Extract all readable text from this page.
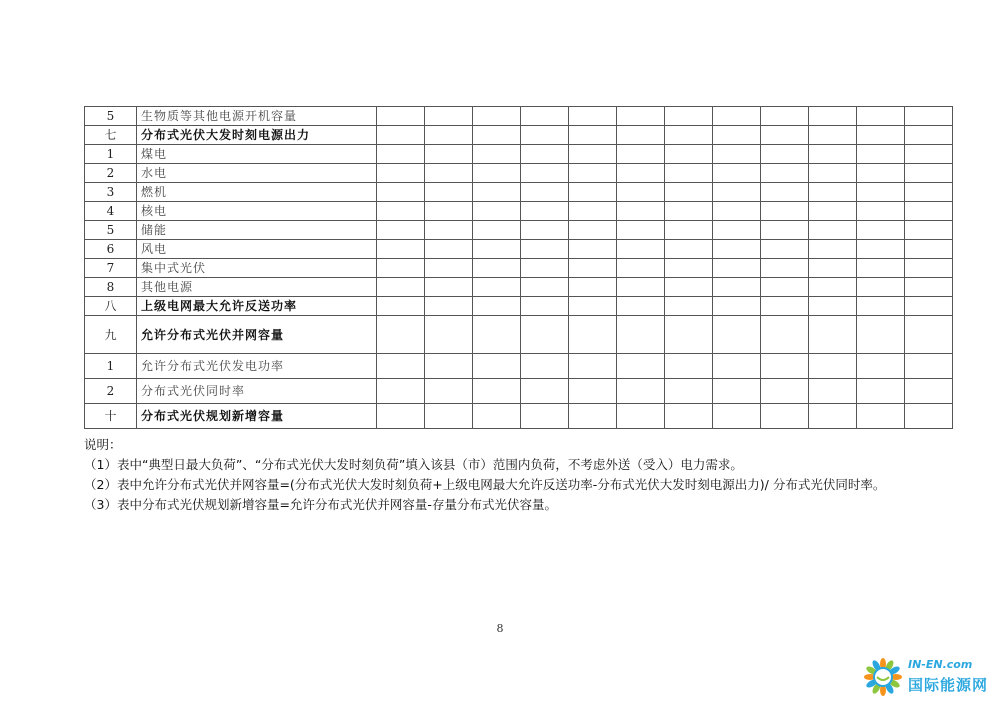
5	生物质等其他电源开机容量												
七	分布式光伏大发时刻电源出力												
1	煤电												
2	水电												
3	燃机												
4	核电												
5	储能												
6	风电												
7	集中式光伏												
8	其他电源												
八	上级电网最大允许反送功率												
九	允许分布式光伏并网容量												
1	允许分布式光伏发电功率												
2	分布式光伏同时率												
十	分布式光伏规划新增容量												

说明：

（1）表中“典型日最大负荷”、“分布式光伏大发时刻负荷”填入该县（市）范围内负荷，不考虑外送（受入）电力需求。

（2）表中允许分布式光伏并网容量=(分布式光伏大发时刻负荷+上级电网最大允许反送功率-分布式光伏大发时刻电源出力)/ 分布式光伏同时率。

（3）表中分布式光伏规划新增容量=允许分布式光伏并网容量-存量分布式光伏容量。

8
IN-EN.com
国际能源网
